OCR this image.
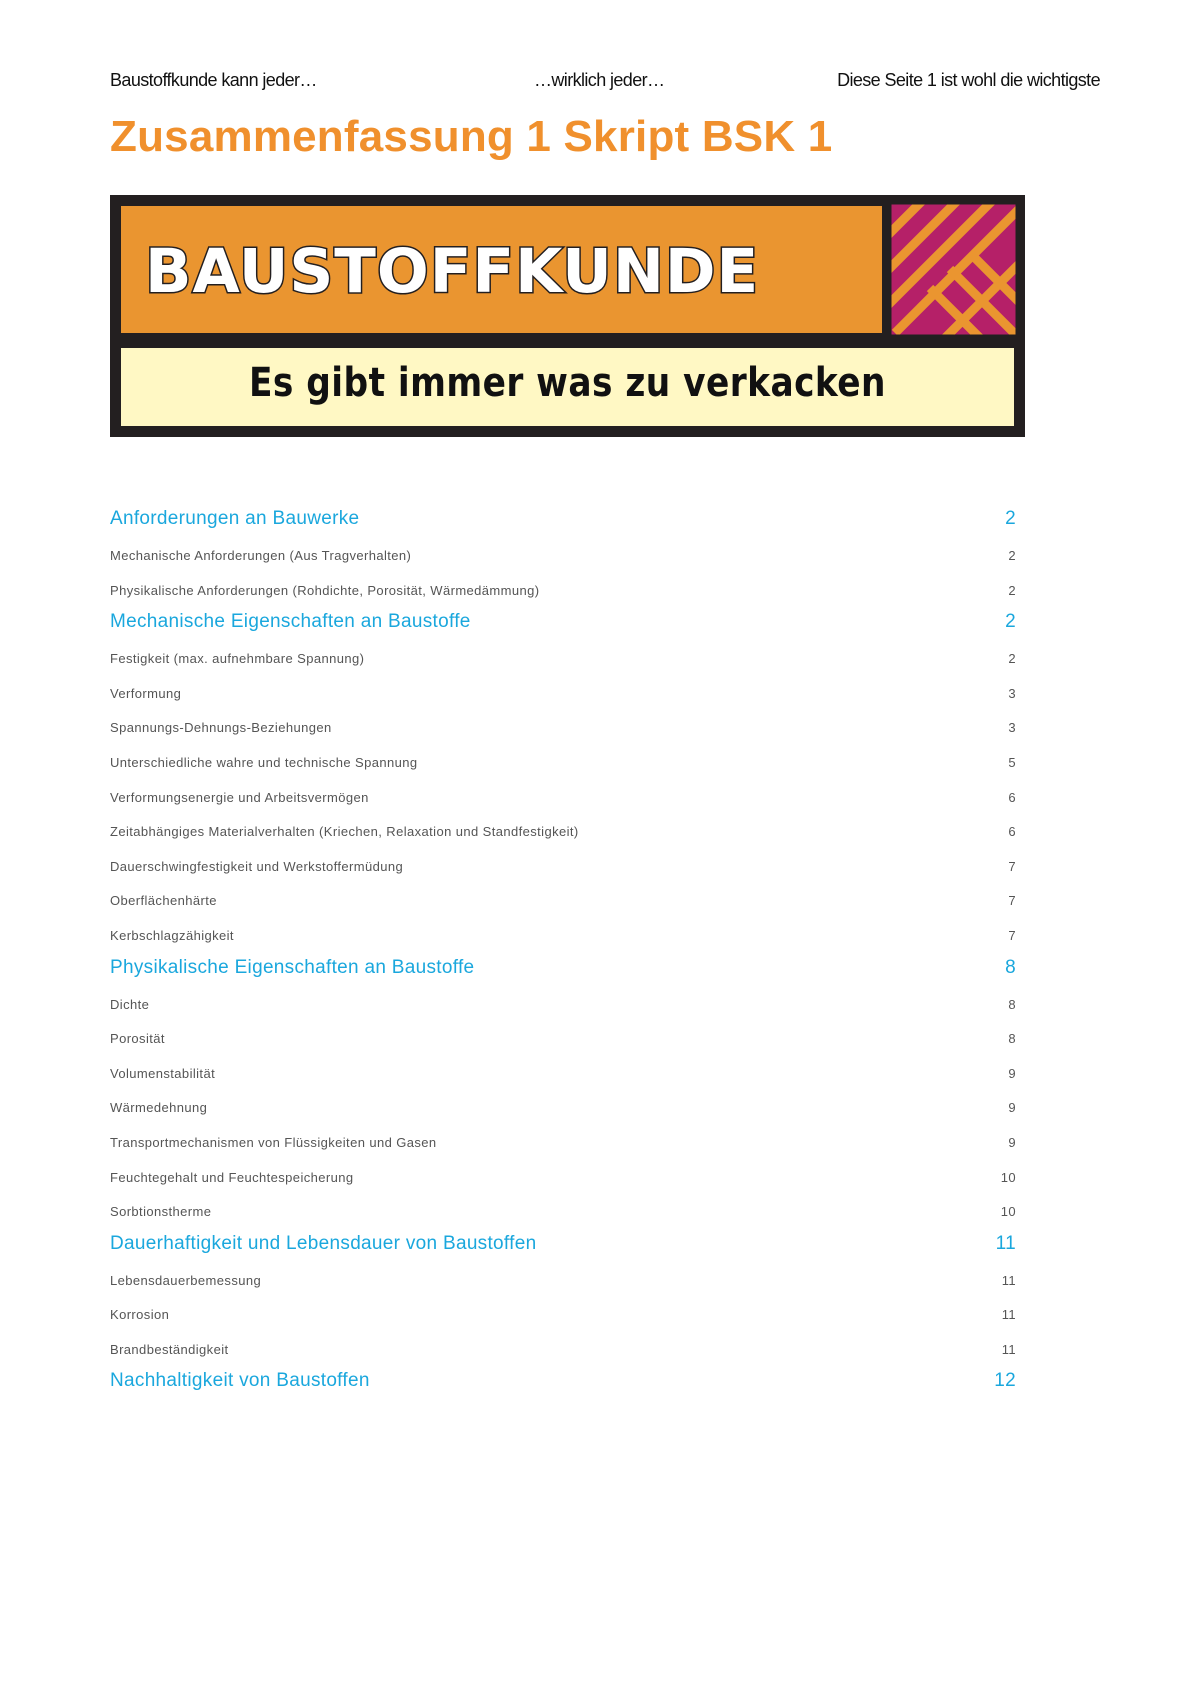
Baustoffkunde kann jeder…	…wirklich jeder…	Diese Seite 1 ist wohl die wichtigste
Zusammenfassung 1 Skript BSK 1
BAUSTOFFKUNDE
Es gibt immer was zu verkacken
Anforderungen an Bauwerke	2
Mechanische Anforderungen (Aus Tragverhalten)	2
Physikalische Anforderungen (Rohdichte, Porosität, Wärmedämmung)	2
Mechanische Eigenschaften an Baustoffe	2
Festigkeit (max. aufnehmbare Spannung)	2
Verformung	3
Spannungs-Dehnungs-Beziehungen	3
Unterschiedliche wahre und technische Spannung	5
Verformungsenergie und Arbeitsvermögen	6
Zeitabhängiges Materialverhalten (Kriechen, Relaxation und Standfestigkeit)	6
Dauerschwingfestigkeit und Werkstoffermüdung	7
Oberflächenhärte	7
Kerbschlagzähigkeit	7
Physikalische Eigenschaften an Baustoffe	8
Dichte	8
Porosität	8
Volumenstabilität	9
Wärmedehnung	9
Transportmechanismen von Flüssigkeiten und Gasen	9
Feuchtegehalt und Feuchtespeicherung	10
Sorbtionstherme	10
Dauerhaftigkeit und Lebensdauer von Baustoffen	11
Lebensdauerbemessung	11
Korrosion	11
Brandbeständigkeit	11
Nachhaltigkeit von Baustoffen	12
